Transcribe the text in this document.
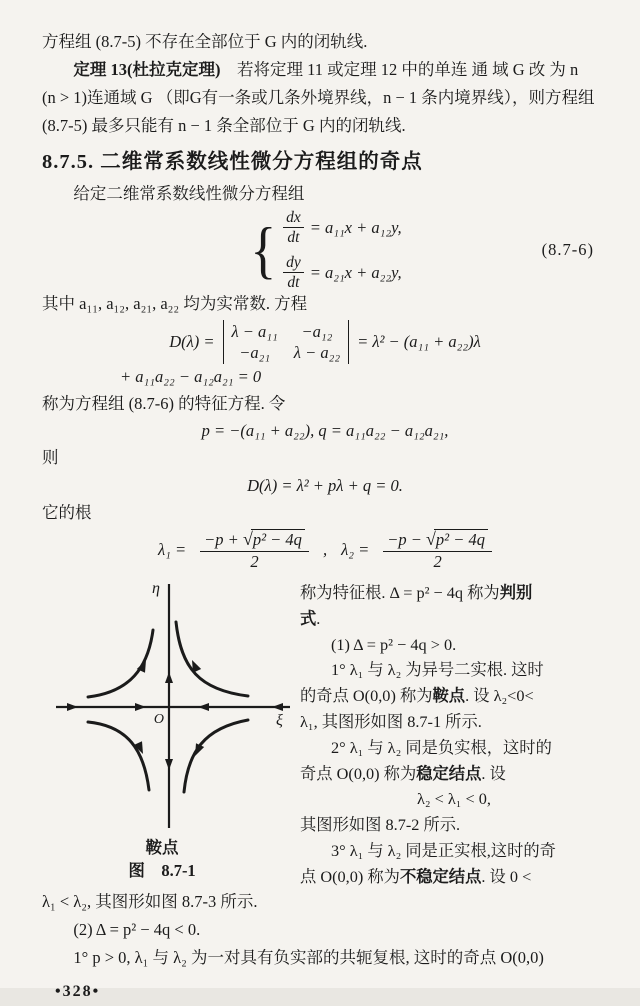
方程组 (8.7-5) 不存在全部位于 G 内的闭轨线.
定理 13(杜拉克定理)　若将定理 11 或定理 12 中的单连 通 域 G 改 为 n
(n > 1)连通域 G （即G有一条或几条外境界线，n − 1 条内境界线），则方程组
(8.7-5) 最多只能有 n − 1 条全部位于 G 内的闭轨线.
8.7.5. 二维常系数线性微分方程组的奇点
给定二维常系数线性微分方程组
{ $\frac{dx}{dt} = a_{11}x + a_{12}y$,
$\frac{dy}{dt} = a_{21}x + a_{22}y$,
(8.7-6)
其中 a₁₁, a₁₂, a₂₁, a₂₂ 均为实常数. 方程
D(λ) =
λ − a₁₁	−a₁₂
−a₂₁	λ − a₂₂
= λ² − (a₁₁ + a₂₂)λ
+ a₁₁a₂₂ − a₁₂a₂₁ = 0
称为方程组 (8.7-6) 的特征方程. 令
p = −(a₁₁ + a₂₂), q = a₁₁a₂₂ − a₁₂a₂₁,
则
D(λ) = λ² + pλ + q = 0.
它的根
$\lambda_1 = \frac{\text{−p + √p² − 4q}}{2}$ , $\lambda_2 = \frac{\text{−p − √p² − 4q}}{2}$
η
ξ
O
鞍点
图　8.7-1
称为特征根. Δ = p² − 4q 称为判别
式.
(1) Δ = p² − 4q > 0.
1° λ₁ 与 λ₂ 为异号二实根. 这时
的奇点 O(0,0) 称为鞍点. 设 λ₂<0<
λ₁, 其图形如图 8.7-1 所示.
2° λ₁ 与 λ₂ 同是负实根，这时的
奇点 O(0,0) 称为稳定结点. 设
λ₂ < λ₁ < 0,
其图形如图 8.7-2 所示.
3° λ₁ 与 λ₂ 同是正实根,这时的奇
点 O(0,0) 称为不稳定结点. 设 0 <
λ₁ < λ₂, 其图形如图 8.7-3 所示.
(2) Δ = p² − 4q < 0.
1° p > 0, λ₁ 与 λ₂ 为一对具有负实部的共轭复根, 这时的奇点 O(0,0)
•328•
